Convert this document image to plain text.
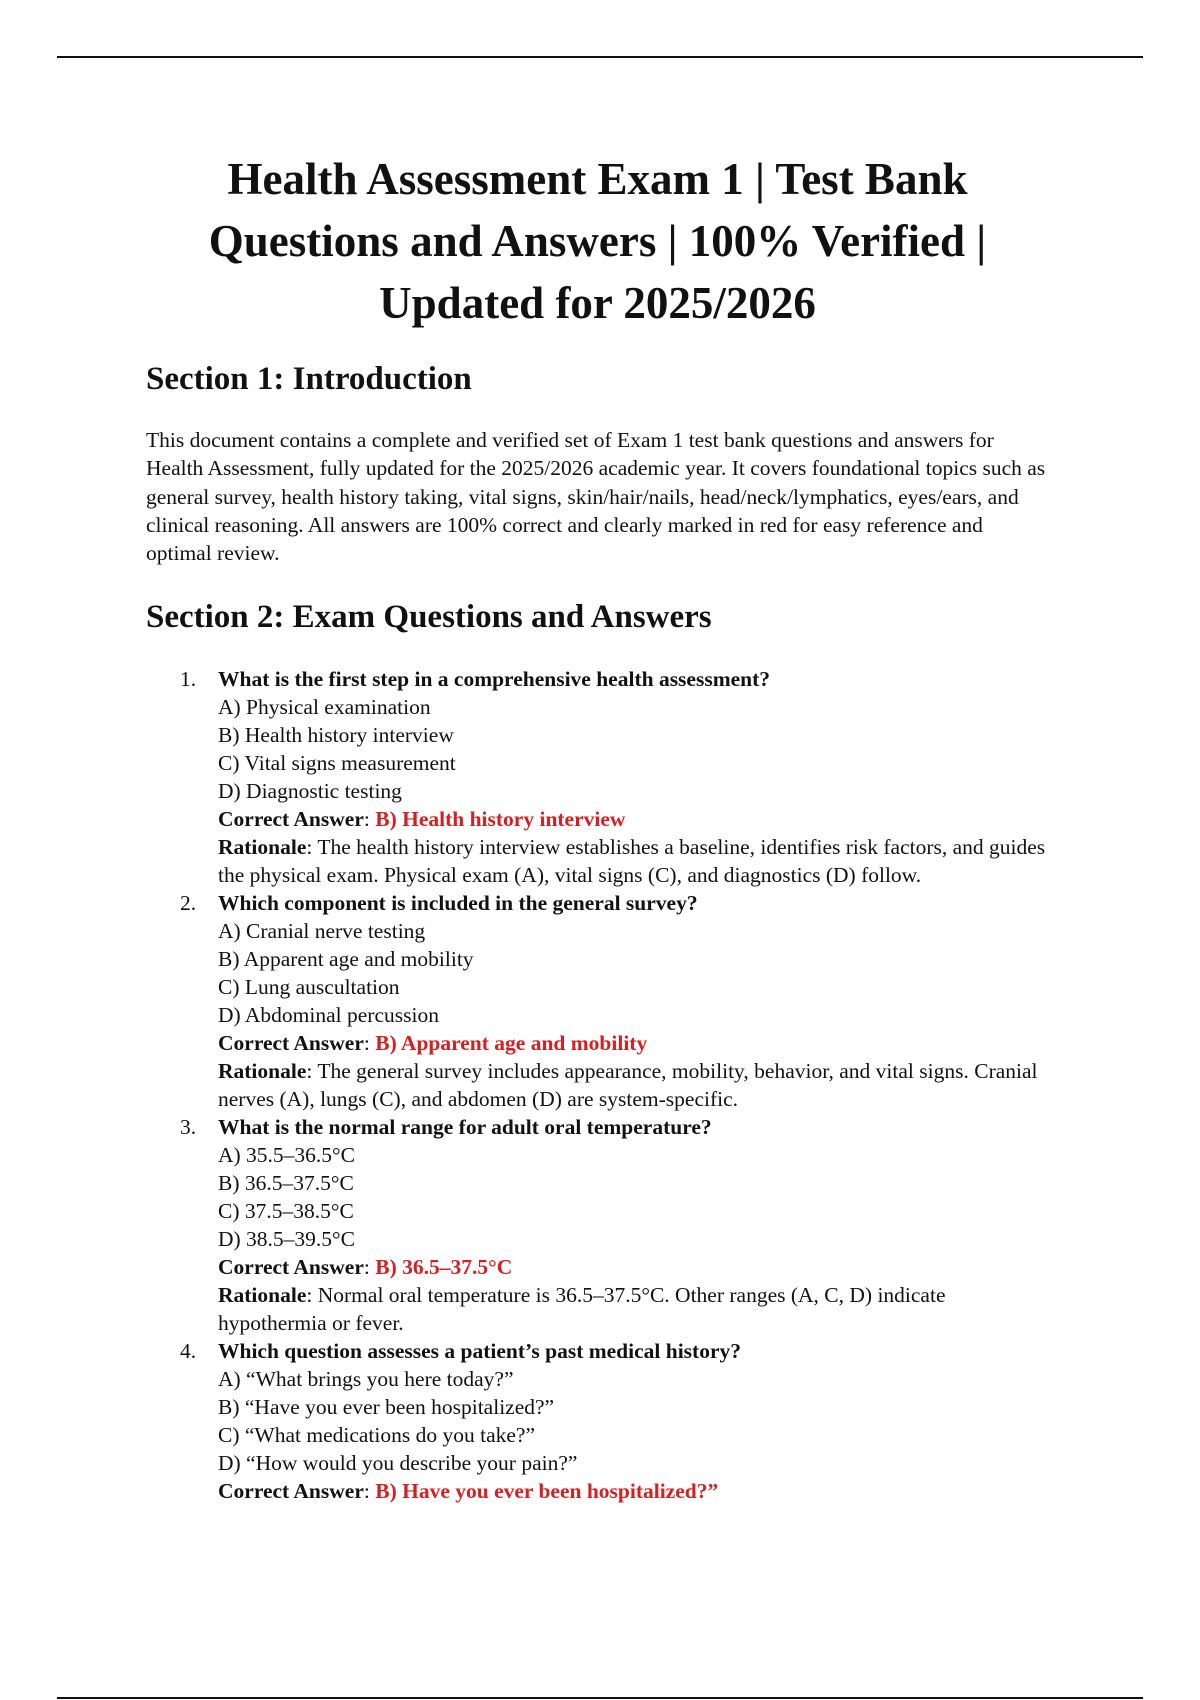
Health Assessment Exam 1 | Test Bank Questions and Answers | 100% Verified | Updated for 2025/2026
Section 1: Introduction

This document contains a complete and verified set of Exam 1 test bank questions and answers for Health Assessment, fully updated for the 2025/2026 academic year. It covers foundational topics such as general survey, health history taking, vital signs, skin/hair/nails, head/neck/lymphatics, eyes/ears, and clinical reasoning. All answers are 100% correct and clearly marked in red for easy reference and optimal review.

Section 2: Exam Questions and Answers
1. What is the first step in a comprehensive health assessment?
A) Physical examination
B) Health history interview
C) Vital signs measurement
D) Diagnostic testing
Correct Answer: B) Health history interview
Rationale: The health history interview establishes a baseline, identifies risk factors, and guides the physical exam. Physical exam (A), vital signs (C), and diagnostics (D) follow.
2. Which component is included in the general survey?
A) Cranial nerve testing
B) Apparent age and mobility
C) Lung auscultation
D) Abdominal percussion
Correct Answer: B) Apparent age and mobility
Rationale: The general survey includes appearance, mobility, behavior, and vital signs. Cranial nerves (A), lungs (C), and abdomen (D) are system-specific.
3. What is the normal range for adult oral temperature?
A) 35.5–36.5°C
B) 36.5–37.5°C
C) 37.5–38.5°C
D) 38.5–39.5°C
Correct Answer: B) 36.5–37.5°C
Rationale: Normal oral temperature is 36.5–37.5°C. Other ranges (A, C, D) indicate hypothermia or fever.
4. Which question assesses a patient’s past medical history?
A) “What brings you here today?”
B) “Have you ever been hospitalized?”
C) “What medications do you take?”
D) “How would you describe your pain?”
Correct Answer: B) Have you ever been hospitalized?”
